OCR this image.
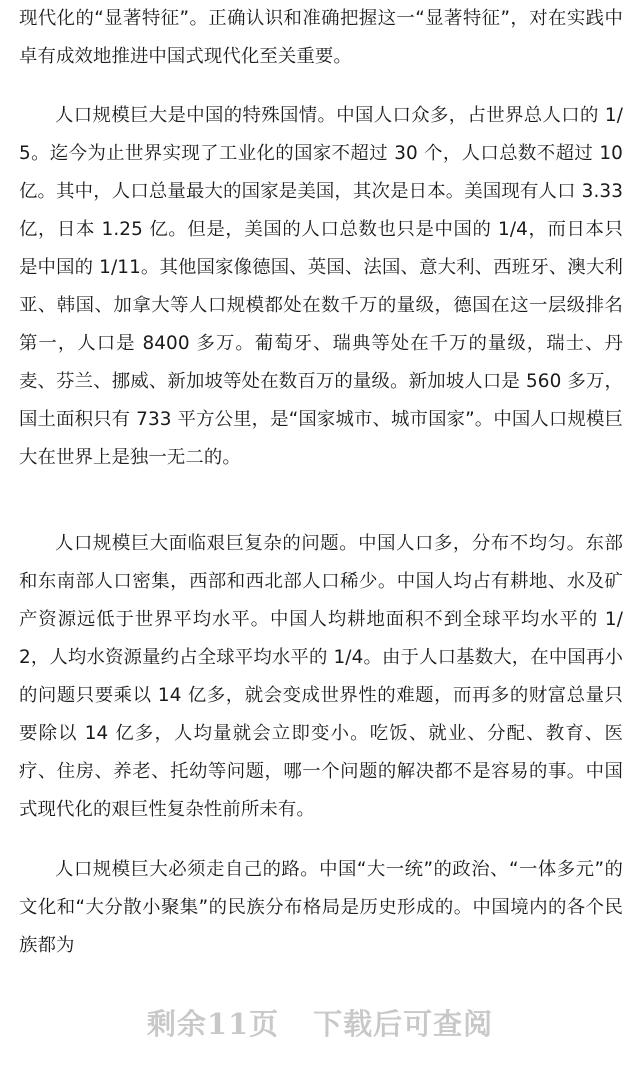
现代化的“显著特征”。正确认识和准确把握这一“显著特征”，对在实践中卓有成效地推进中国式现代化至关重要。

人口规模巨大是中国的特殊国情。中国人口众多，占世界总人口的 1/5。迄今为止世界实现了工业化的国家不超过 30 个，人口总数不超过 10 亿。其中，人口总量最大的国家是美国，其次是日本。美国现有人口 3.33 亿，日本 1.25 亿。但是，美国的人口总数也只是中国的 1/4，而日本只是中国的 1/11。其他国家像德国、英国、法国、意大利、西班牙、澳大利亚、韩国、加拿大等人口规模都处在数千万的量级，德国在这一层级排名第一，人口是 8400 多万。葡萄牙、瑞典等处在千万的量级，瑞士、丹麦、芬兰、挪威、新加坡等处在数百万的量级。新加坡人口是 560 多万，国土面积只有 733 平方公里，是“国家城市、城市国家”。中国人口规模巨大在世界上是独一无二的。

人口规模巨大面临艰巨复杂的问题。中国人口多，分布不均匀。东部和东南部人口密集，西部和西北部人口稀少。中国人均占有耕地、水及矿产资源远低于世界平均水平。中国人均耕地面积不到全球平均水平的 1/2，人均水资源量约占全球平均水平的 1/4。由于人口基数大，在中国再小的问题只要乘以 14 亿多，就会变成世界性的难题，而再多的财富总量只要除以 14 亿多，人均量就会立即变小。吃饭、就业、分配、教育、医疗、住房、养老、托幼等问题，哪一个问题的解决都不是容易的事。中国式现代化的艰巨性复杂性前所未有。

人口规模巨大必须走自己的路。中国“大一统”的政治、“一体多元”的文化和“大分散小聚集”的民族分布格局是历史形成的。中国境内的各个民族都为

剩余11页 下载后可查阅
